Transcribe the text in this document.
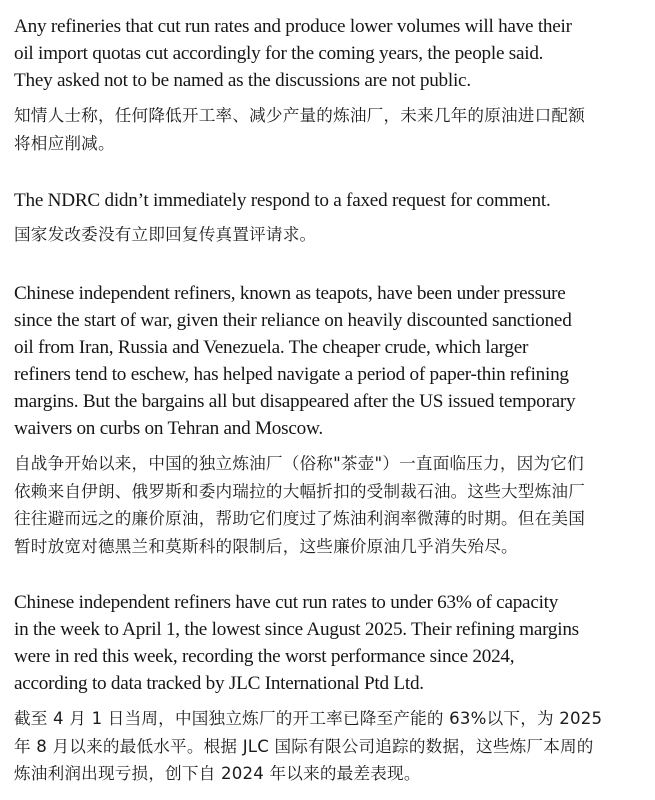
Any refineries that cut run rates and produce lower volumes will have their
oil import quotas cut accordingly for the coming years, the people said.
They asked not to be named as the discussions are not public.

知情人士称，任何降低开工率、减少产量的炼油厂，未来几年的原油进口配额
将相应削减。

The NDRC didn’t immediately respond to a faxed request for comment.

国家发改委没有立即回复传真置评请求。

Chinese independent refiners, known as teapots, have been under pressure
since the start of war, given their reliance on heavily discounted sanctioned
oil from Iran, Russia and Venezuela. The cheaper crude, which larger
refiners tend to eschew, has helped navigate a period of paper-thin refining
margins. But the bargains all but disappeared after the US issued temporary
waivers on curbs on Tehran and Moscow.

自战争开始以来，中国的独立炼油厂（俗称"茶壶"）一直面临压力，因为它们
依赖来自伊朗、俄罗斯和委内瑞拉的大幅折扣的受制裁石油。这些大型炼油厂
往往避而远之的廉价原油，帮助它们度过了炼油利润率微薄的时期。但在美国
暂时放宽对德黑兰和莫斯科的限制后，这些廉价原油几乎消失殆尽。

Chinese independent refiners have cut run rates to under 63% of capacity
in the week to April 1, the lowest since August 2025. Their refining margins
were in red this week, recording the worst performance since 2024,
according to data tracked by JLC International Ptd Ltd.

截至 4 月 1 日当周，中国独立炼厂的开工率已降至产能的 63%以下，为 2025
年 8 月以来的最低水平。根据 JLC 国际有限公司追踪的数据，这些炼厂本周的
炼油利润出现亏损，创下自 2024 年以来的最差表现。
